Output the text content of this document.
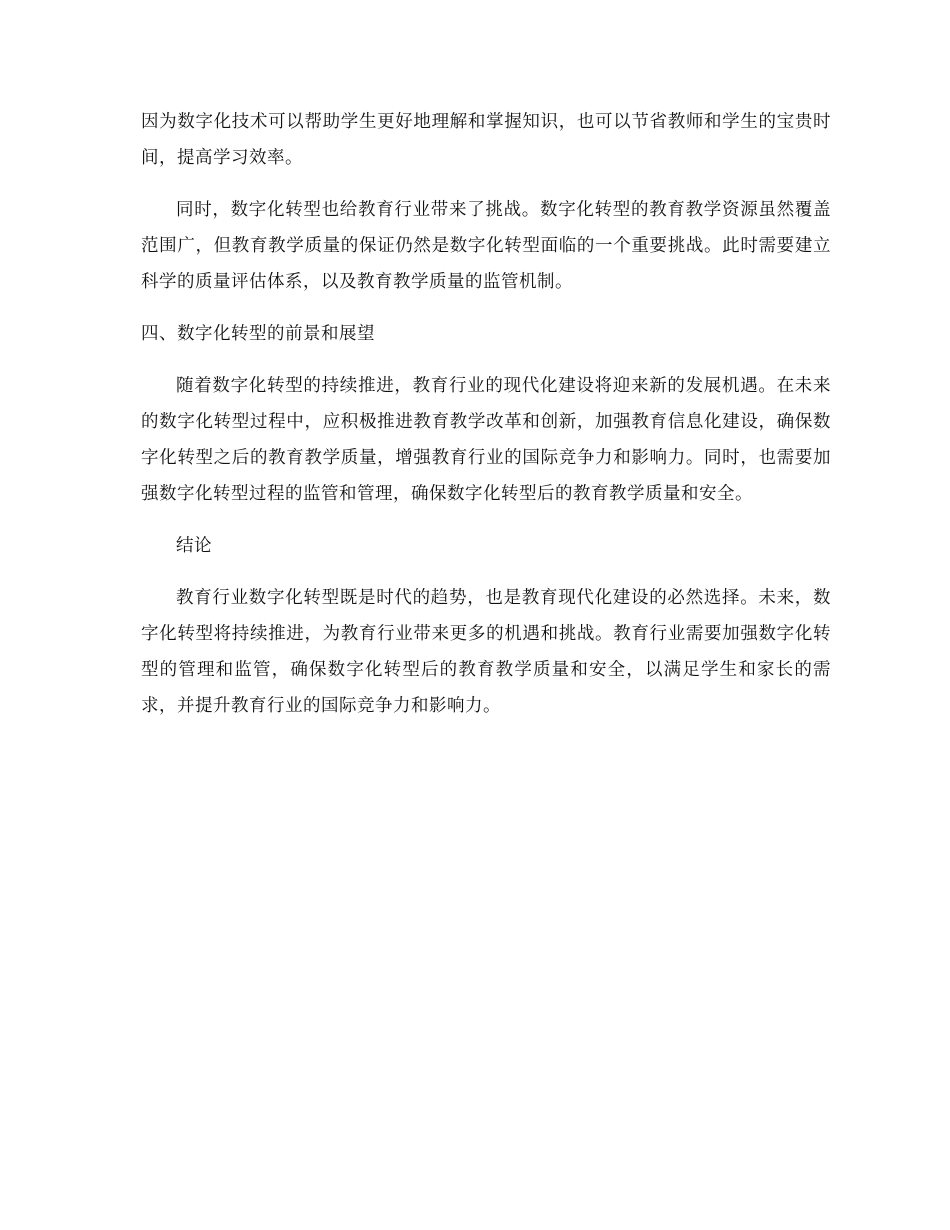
因为数字化技术可以帮助学生更好地理解和掌握知识，也可以节省教师和学生的宝贵时间，提高学习效率。

同时，数字化转型也给教育行业带来了挑战。数字化转型的教育教学资源虽然覆盖范围广，但教育教学质量的保证仍然是数字化转型面临的一个重要挑战。此时需要建立科学的质量评估体系，以及教育教学质量的监管机制。

四、数字化转型的前景和展望

随着数字化转型的持续推进，教育行业的现代化建设将迎来新的发展机遇。在未来的数字化转型过程中，应积极推进教育教学改革和创新，加强教育信息化建设，确保数字化转型之后的教育教学质量，增强教育行业的国际竞争力和影响力。同时，也需要加强数字化转型过程的监管和管理，确保数字化转型后的教育教学质量和安全。

结论

教育行业数字化转型既是时代的趋势，也是教育现代化建设的必然选择。未来，数字化转型将持续推进，为教育行业带来更多的机遇和挑战。教育行业需要加强数字化转型的管理和监管，确保数字化转型后的教育教学质量和安全，以满足学生和家长的需求，并提升教育行业的国际竞争力和影响力。
